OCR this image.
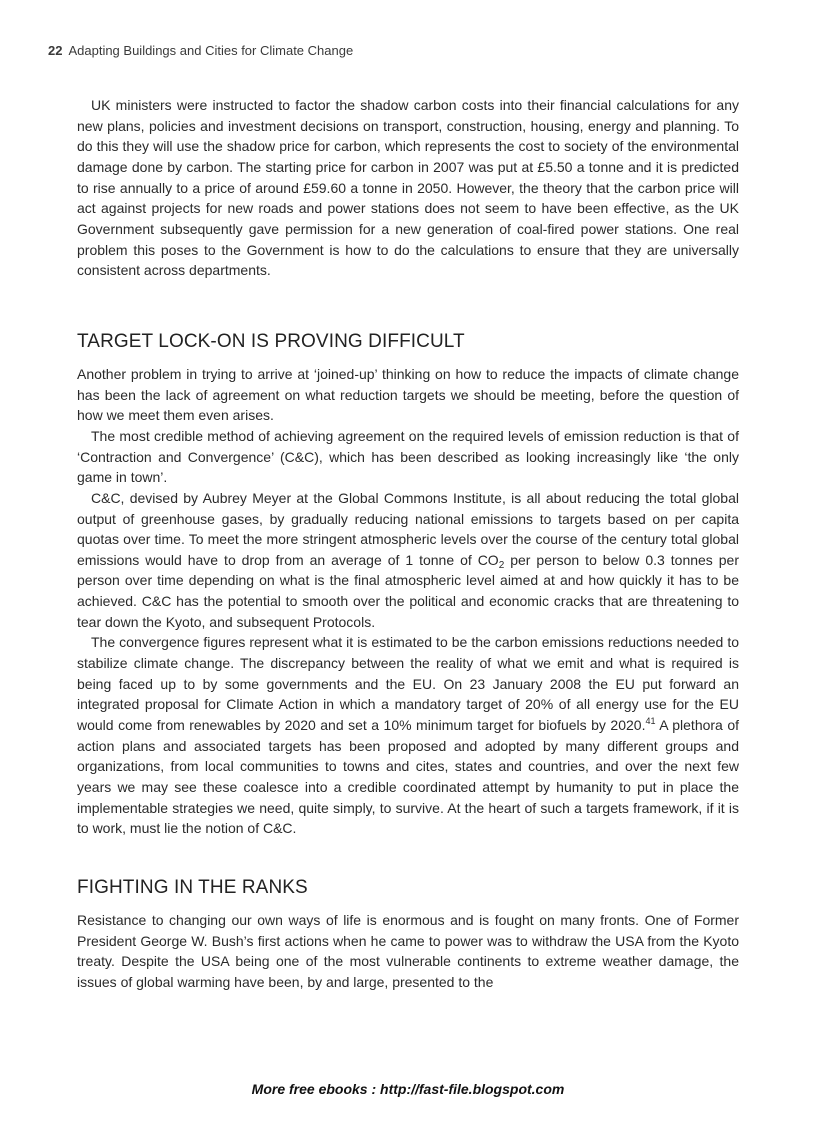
22 Adapting Buildings and Cities for Climate Change

UK ministers were instructed to factor the shadow carbon costs into their financial calculations for any new plans, policies and investment decisions on transport, construction, housing, energy and planning. To do this they will use the shadow price for carbon, which represents the cost to society of the environmental damage done by carbon. The starting price for carbon in 2007 was put at £5.50 a tonne and it is predicted to rise annually to a price of around £59.60 a tonne in 2050. However, the theory that the carbon price will act against projects for new roads and power stations does not seem to have been effective, as the UK Government subsequently gave permission for a new generation of coal-fired power stations. One real problem this poses to the Government is how to do the calculations to ensure that they are universally consistent across departments.

TARGET LOCK-ON IS PROVING DIFFICULT

Another problem in trying to arrive at ‘joined-up’ thinking on how to reduce the impacts of climate change has been the lack of agreement on what reduction targets we should be meeting, before the question of how we meet them even arises.

The most credible method of achieving agreement on the required levels of emission reduction is that of ‘Contraction and Convergence’ (C&C), which has been described as looking increasingly like ‘the only game in town’.

C&C, devised by Aubrey Meyer at the Global Commons Institute, is all about reducing the total global output of greenhouse gases, by gradually reducing national emissions to targets based on per capita quotas over time. To meet the more stringent atmospheric levels over the course of the century total global emissions would have to drop from an average of 1 tonne of $CO_2$ per person to below 0.3 tonnes per person over time depending on what is the final atmospheric level aimed at and how quickly it has to be achieved. C&C has the potential to smooth over the political and economic cracks that are threatening to tear down the Kyoto, and subsequent Protocols.

The convergence figures represent what it is estimated to be the carbon emissions reductions needed to stabilize climate change. The discrepancy between the reality of what we emit and what is required is being faced up to by some governments and the EU. On 23 January 2008 the EU put forward an integrated proposal for Climate Action in which a mandatory target of 20% of all energy use for the EU would come from renewables by 2020 and set a 10% minimum target for biofuels by 2020.41 A plethora of action plans and associated targets has been proposed and adopted by many different groups and organizations, from local communities to towns and cites, states and countries, and over the next few years we may see these coalesce into a credible coordinated attempt by humanity to put in place the implementable strategies we need, quite simply, to survive. At the heart of such a targets framework, if it is to work, must lie the notion of C&C.

FIGHTING IN THE RANKS

Resistance to changing our own ways of life is enormous and is fought on many fronts. One of Former President George W. Bush’s first actions when he came to power was to withdraw the USA from the Kyoto treaty. Despite the USA being one of the most vulnerable continents to extreme weather damage, the issues of global warming have been, by and large, presented to the

More free ebooks : http://fast-file.blogspot.com
